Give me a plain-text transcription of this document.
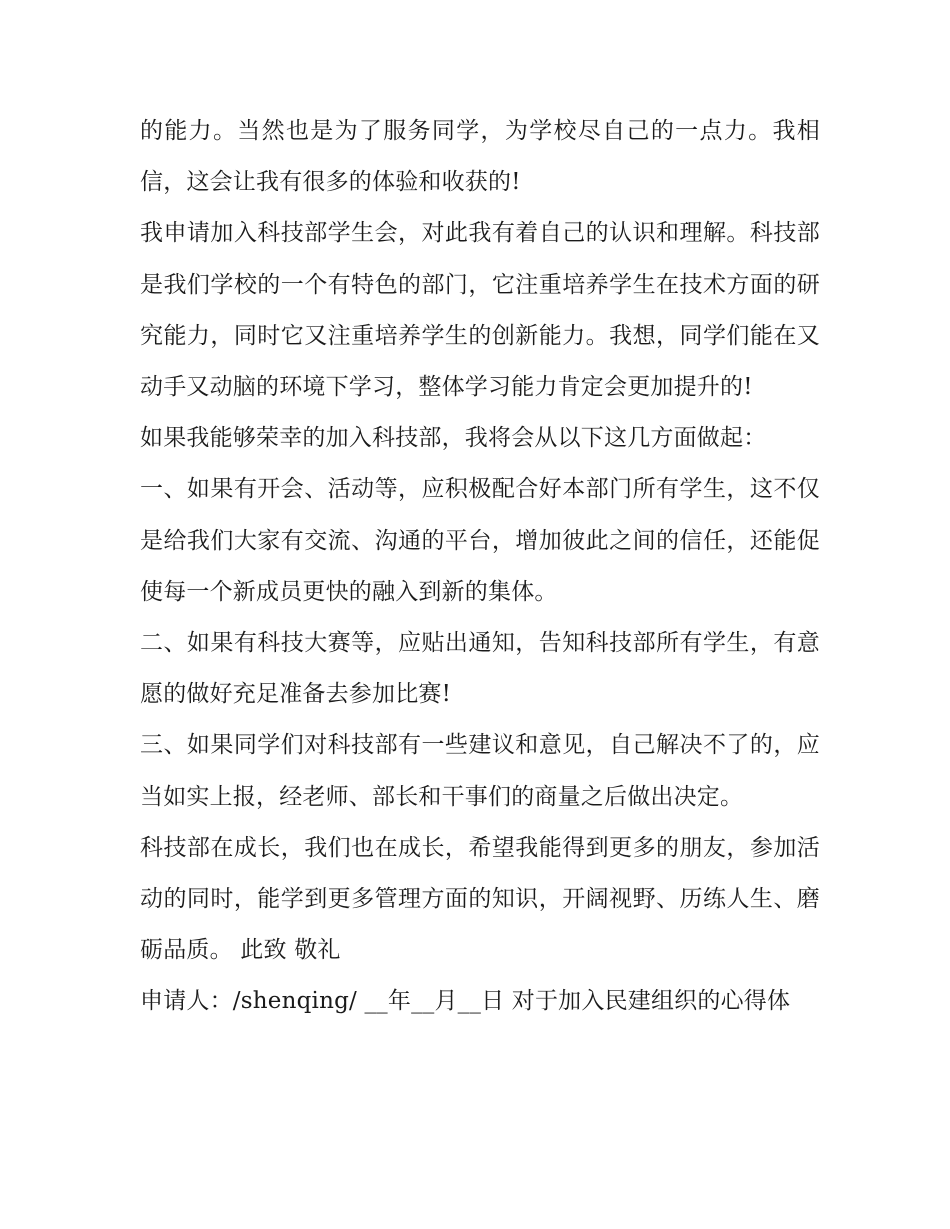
的能力。当然也是为了服务同学，为学校尽自己的一点力。我相信，这会让我有很多的体验和收获的!

我申请加入科技部学生会，对此我有着自己的认识和理解。科技部是我们学校的一个有特色的部门，它注重培养学生在技术方面的研究能力，同时它又注重培养学生的创新能力。我想，同学们能在又动手又动脑的环境下学习，整体学习能力肯定会更加提升的!

如果我能够荣幸的加入科技部，我将会从以下这几方面做起：

一、如果有开会、活动等，应积极配合好本部门所有学生，这不仅是给我们大家有交流、沟通的平台，增加彼此之间的信任，还能促使每一个新成员更快的融入到新的集体。

二、如果有科技大赛等，应贴出通知，告知科技部所有学生，有意愿的做好充足准备去参加比赛!

三、如果同学们对科技部有一些建议和意见，自己解决不了的，应当如实上报，经老师、部长和干事们的商量之后做出决定。

科技部在成长，我们也在成长，希望我能得到更多的朋友，参加活动的同时，能学到更多管理方面的知识，开阔视野、历练人生、磨砺品质。 此致 敬礼

申请人：/shenqing/ __年__月__日 对于加入民建组织的心得体
